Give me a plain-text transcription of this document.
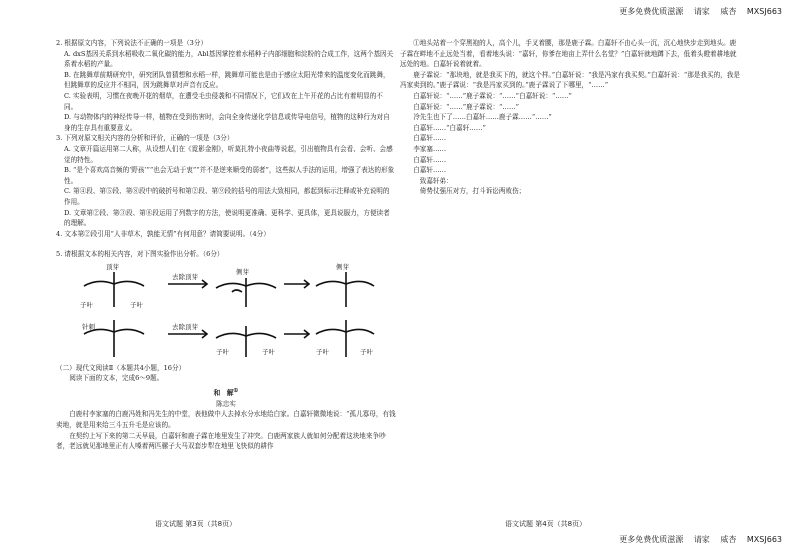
更多免费优质滋源 请家 威杏 MXSJ663

2. 根据原文内容，下列说法不正确的一项是（3分）

A. dxS基因关系到水稻吸收二氧化碳的能力，Abl基因掌控着水稻种子内部细胞和淀粉的合成工作，这两个基因关系着水稻的产量。

B. 在跳舞草前期研究中，研究团队曾猜想和水稻一样，跳舞草可能也是由于感应太阳光带来的温度变化而跳舞，但跳舞草的反应并不相同，因为跳舞草对声音有反应。

C. 实验表明，习惯在夜晚开花的烟草，在遭受毛虫侵袭和不同情况下，它们改在上午开花的占比有着明显的不同。

D. 与动物体内的神经传导一样，植物在受到伤害时，会向全身传递化学信息或传导电信号，植物的这种行为对自身的生存具有重要意义。

3. 下列对原文相关内容的分析和评价，正确的一项是（3分）

A. 文章开篇运用第二人称，从设想人们在《霓影金刚》，听莫扎特小夜曲等说起，引出植物具有会看、会听、会感觉的特性。

B. “是个喜欢高音频的‘野孩’”“也会无动于衷”“并不是逆来顺受的弱者”，这些拟人手法的运用，增强了表达的形象性。

C. 第④段、第⑤段、第⑧段中的破折号和第②段、第⑨段的括号的用法大致相同，都起到标示注释或补充说明的作用。

D. 文章第②段、第③段、第⑧段运用了列数字的方法，使说明更准确、更科学、更具体，更具说服力，方便读者的理解。

4. 文本第②段引用“人非草木，孰能无情”有何用意？请简要说明。（4分）

5. 请根据文本的相关内容，对下图实验作出分析。（6分）

顶芽
子叶	子叶
去除顶芽
侧芽
侧芽
针刺	去除顶芽
子叶	子叶	子叶	子叶

（二）现代文阅读Ⅱ（本题共4小题，16分）

阅读下面的文本，完成6～9题。

和　解①

陈忠实

白鹿村李家塞的白鹿冯姓和冯先生的中堂，表他做中人去掉水分水地给白家。白嘉轩微微地说：“孤儿寡母，有钱卖地，就是用来给三斗五升毛是应该的。

在契约上写下来的第二天早晨，白嘉轩和鹿子霖在地里发生了冲突。白鹿两家族人就如何分配着这块地来争吵者，老远就见那地里正有人嗓着两匹骡子大马双套步犁在地里飞快似的耕作

语文试题 第3页（共8页）

①地头站着一个穿黑袍的人，高个儿，手叉着腰，那是鹿子霖。白嘉轩不由心头一沉，沉心地快步走到地头。鹿子霖在畔地不止远处当着，看着地头说：“嘉轩，你爹在地亩上弄什么名堂？”白嘉轩就地蹲下去，低着头瞪着耕地就远处的地。白嘉轩说着就着。

鹿子霖说：“那块地，就是我买下的，就这个样。”白嘉轩说：“我是冯家有我买契。”白嘉轩说：“那是我买的，我是冯家卖到的。”鹿子霖说：“我是冯家买到的。”鹿子霖说了下哪里，“……”

白嘉轩说：“……”鹿子霖说：“……”白嘉轩说：“……”

白嘉轩说：“……”鹿子霖说：“……”

冷先生也下了……白嘉轩……鹿子霖……“……”

白嘉轩……“白嘉轩……”

白嘉轩……

李家塞……

白嘉轩……

白嘉轩……

　致嘉轩弟：

　倚势仗强压对方，打斗诉讼两败伤；

语文试题 第4页（共8页）
更多免费优质滋源 请家 威杏 MXSJ663
